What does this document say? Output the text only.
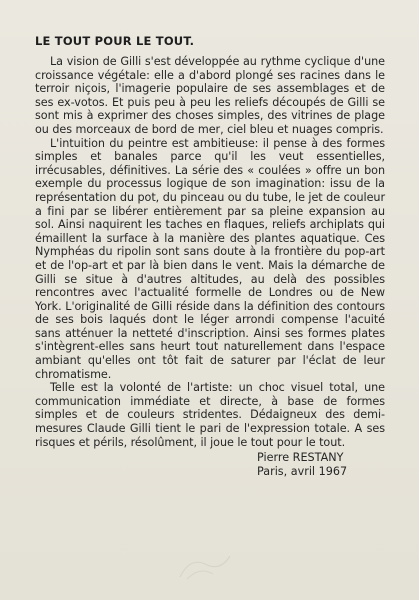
LE TOUT POUR LE TOUT.

La vision de Gilli s'est développée au rythme cyclique d'une croissance végétale: elle a d'abord plongé ses racines dans le terroir niçois, l'imagerie populaire de ses assemblages et de ses ex-votos. Et puis peu à peu les reliefs découpés de Gilli se sont mis à exprimer des choses simples, des vitrines de plage ou des morceaux de bord de mer, ciel bleu et nuages compris.

L'intuition du peintre est ambitieuse: il pense à des formes simples et banales parce qu'il les veut essentielles, irrécusables, définitives. La série des « coulées » offre un bon exemple du processus logique de son imagination: issu de la représentation du pot, du pinceau ou du tube, le jet de couleur a fini par se libérer entièrement par sa pleine expansion au sol. Ainsi naquirent les taches en flaques, reliefs archiplats qui émaillent la surface à la manière des plantes aquatique. Ces Nymphéas du ripolin sont sans doute à la frontière du pop-art et de l'op-art et par là bien dans le vent. Mais la démarche de Gilli se situe à d'autres altitudes, au delà des possibles rencontres avec l'actualité formelle de Londres ou de New York. L'originalité de Gilli réside dans la définition des contours de ses bois laqués dont le léger arrondi compense l'acuité sans atténuer la netteté d'inscription. Ainsi ses formes plates s'intègrent-elles sans heurt tout naturellement dans l'espace ambiant qu'elles ont tôt fait de saturer par l'éclat de leur chromatisme.

Telle est la volonté de l'artiste: un choc visuel total, une communication immédiate et directe, à base de formes simples et de couleurs stridentes. Dédaigneux des demi-mesures Claude Gilli tient le pari de l'expression totale. A ses risques et périls, résolûment, il joue le tout pour le tout.

Pierre RESTANY
Paris, avril 1967
